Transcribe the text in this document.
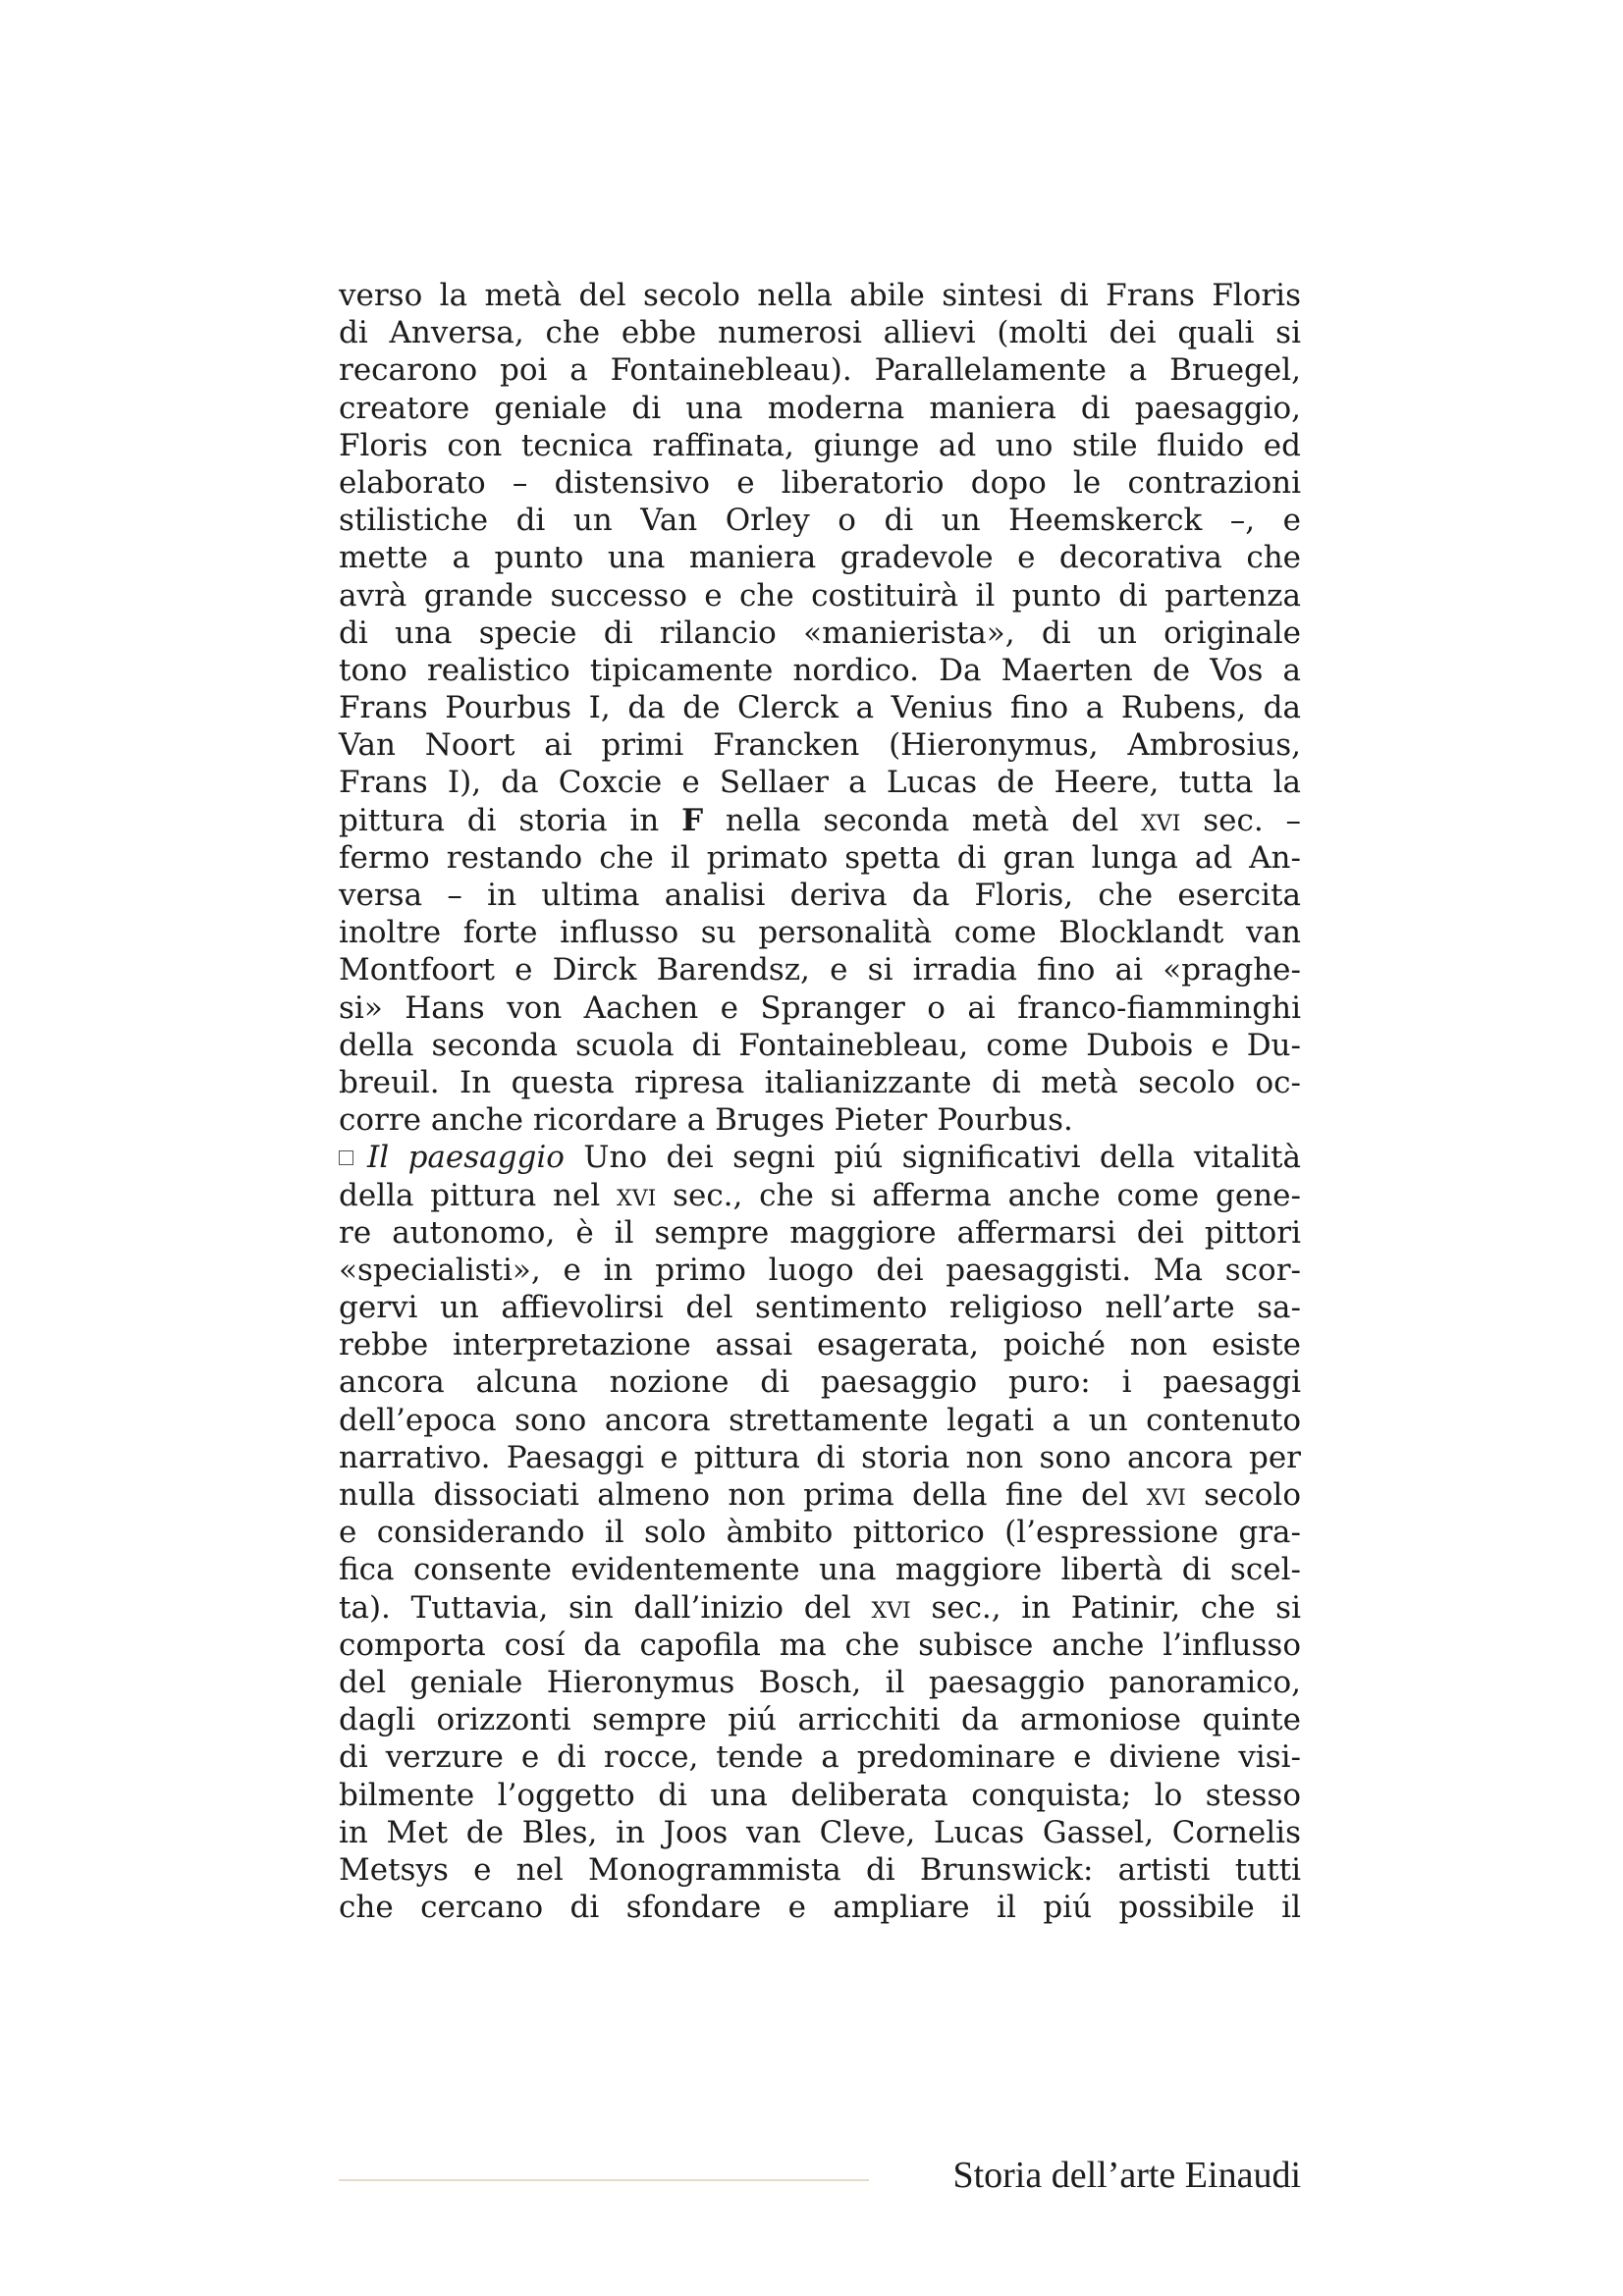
verso la metà del secolo nella abile sintesi di Frans Floris
di Anversa, che ebbe numerosi allievi (molti dei quali si
recarono poi a Fontainebleau). Parallelamente a Bruegel,
creatore geniale di una moderna maniera di paesaggio,
Floris con tecnica raffinata, giunge ad uno stile fluido ed
elaborato – distensivo e liberatorio dopo le contrazioni
stilistiche di un Van Orley o di un Heemskerck –, e
mette a punto una maniera gradevole e decorativa che
avrà grande successo e che costituirà il punto di partenza
di una specie di rilancio «manierista», di un originale
tono realistico tipicamente nordico. Da Maerten de Vos a
Frans Pourbus I, da de Clerck a Venius fino a Rubens, da
Van Noort ai primi Francken (Hieronymus, Ambrosius,
Frans I), da Coxcie e Sellaer a Lucas de Heere, tutta la
pittura di storia in F nella seconda metà del xvi sec. –
fermo restando che il primato spetta di gran lunga ad An-
versa – in ultima analisi deriva da Floris, che esercita
inoltre forte influsso su personalità come Blocklandt van
Montfoort e Dirck Barendsz, e si irradia fino ai «praghe-
si» Hans von Aachen e Spranger o ai franco-fiamminghi
della seconda scuola di Fontainebleau, come Dubois e Du-
breuil. In questa ripresa italianizzante di metà secolo oc-
corre anche ricordare a Bruges Pieter Pourbus.
Il paesaggio Uno dei segni piú significativi della vitalità
della pittura nel xvi sec., che si afferma anche come gene-
re autonomo, è il sempre maggiore affermarsi dei pittori
«specialisti», e in primo luogo dei paesaggisti. Ma scor-
gervi un affievolirsi del sentimento religioso nell’arte sa-
rebbe interpretazione assai esagerata, poiché non esiste
ancora alcuna nozione di paesaggio puro: i paesaggi
dell’epoca sono ancora strettamente legati a un contenuto
narrativo. Paesaggi e pittura di storia non sono ancora per
nulla dissociati almeno non prima della fine del xvi secolo
e considerando il solo àmbito pittorico (l’espressione gra-
fica consente evidentemente una maggiore libertà di scel-
ta). Tuttavia, sin dall’inizio del xvi sec., in Patinir, che si
comporta cosí da capofila ma che subisce anche l’influsso
del geniale Hieronymus Bosch, il paesaggio panoramico,
dagli orizzonti sempre piú arricchiti da armoniose quinte
di verzure e di rocce, tende a predominare e diviene visi-
bilmente l’oggetto di una deliberata conquista; lo stesso
in Met de Bles, in Joos van Cleve, Lucas Gassel, Cornelis
Metsys e nel Monogrammista di Brunswick: artisti tutti
che cercano di sfondare e ampliare il piú possibile il
Storia dell’arte Einaudi
